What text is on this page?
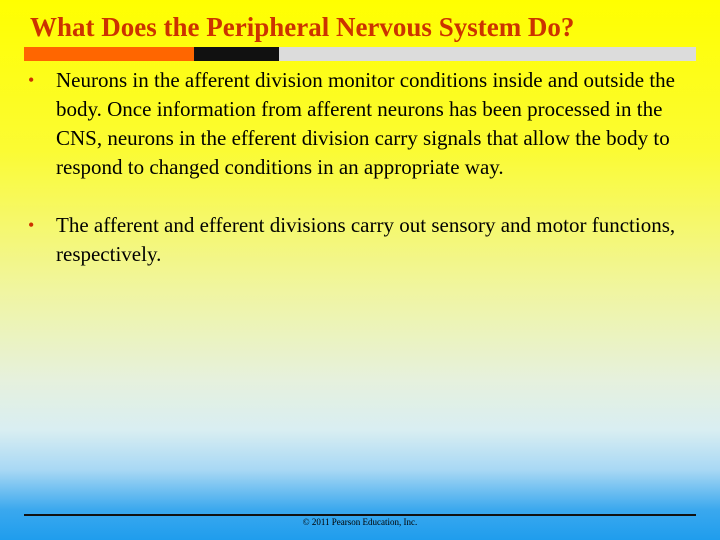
What Does the Peripheral Nervous System Do?
• Neurons in the afferent division monitor conditions inside and outside the body. Once information from afferent neurons has been processed in the CNS, neurons in the efferent division carry signals that allow the body to respond to changed conditions in an appropriate way.
• The afferent and efferent divisions carry out sensory and motor functions, respectively.
© 2011 Pearson Education, Inc.
